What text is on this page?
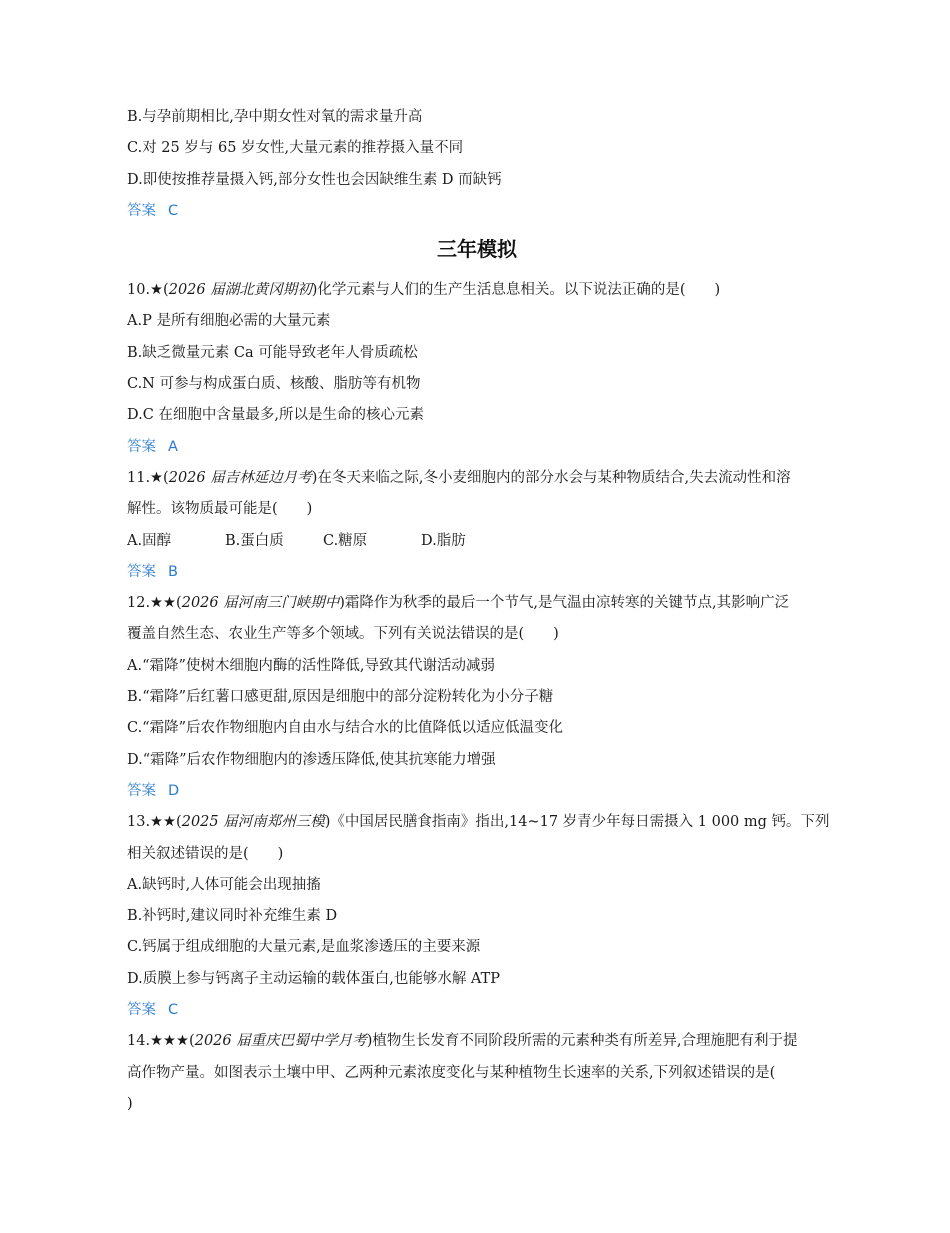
B.与孕前期相比,孕中期女性对氧的需求量升高
C.对 25 岁与 65 岁女性,大量元素的推荐摄入量不同
D.即使按推荐量摄入钙,部分女性也会因缺维生素 D 而缺钙
答案 C
三年模拟
10.★(2026 届湖北黄冈期初)化学元素与人们的生产生活息息相关。以下说法正确的是(　　)
A.P 是所有细胞必需的大量元素
B.缺乏微量元素 Ca 可能导致老年人骨质疏松
C.N 可参与构成蛋白质、核酸、脂肪等有机物
D.C 在细胞中含量最多,所以是生命的核心元素
答案 A
11.★(2026 届吉林延边月考)在冬天来临之际,冬小麦细胞内的部分水会与某种物质结合,失去流动性和溶
解性。该物质最可能是(　　)
A.固醇	B.蛋白质	C.糖原	D.脂肪
答案 B
12.★★(2026 届河南三门峡期中)霜降作为秋季的最后一个节气,是气温由凉转寒的关键节点,其影响广泛
覆盖自然生态、农业生产等多个领域。下列有关说法错误的是(　　)
A.“霜降”使树木细胞内酶的活性降低,导致其代谢活动减弱
B.“霜降”后红薯口感更甜,原因是细胞中的部分淀粉转化为小分子糖
C.“霜降”后农作物细胞内自由水与结合水的比值降低以适应低温变化
D.“霜降”后农作物细胞内的渗透压降低,使其抗寒能力增强
答案 D
13.★★(2025 届河南郑州三模)《中国居民膳食指南》指出,14~17 岁青少年每日需摄入 1 000 mg 钙。下列
相关叙述错误的是(　　)
A.缺钙时,人体可能会出现抽搐
B.补钙时,建议同时补充维生素 D
C.钙属于组成细胞的大量元素,是血浆渗透压的主要来源
D.质膜上参与钙离子主动运输的载体蛋白,也能够水解 ATP
答案 C
14.★★★(2026 届重庆巴蜀中学月考)植物生长发育不同阶段所需的元素种类有所差异,合理施肥有利于提
高作物产量。如图表示土壤中甲、乙两种元素浓度变化与某种植物生长速率的关系,下列叙述错误的是(
)
